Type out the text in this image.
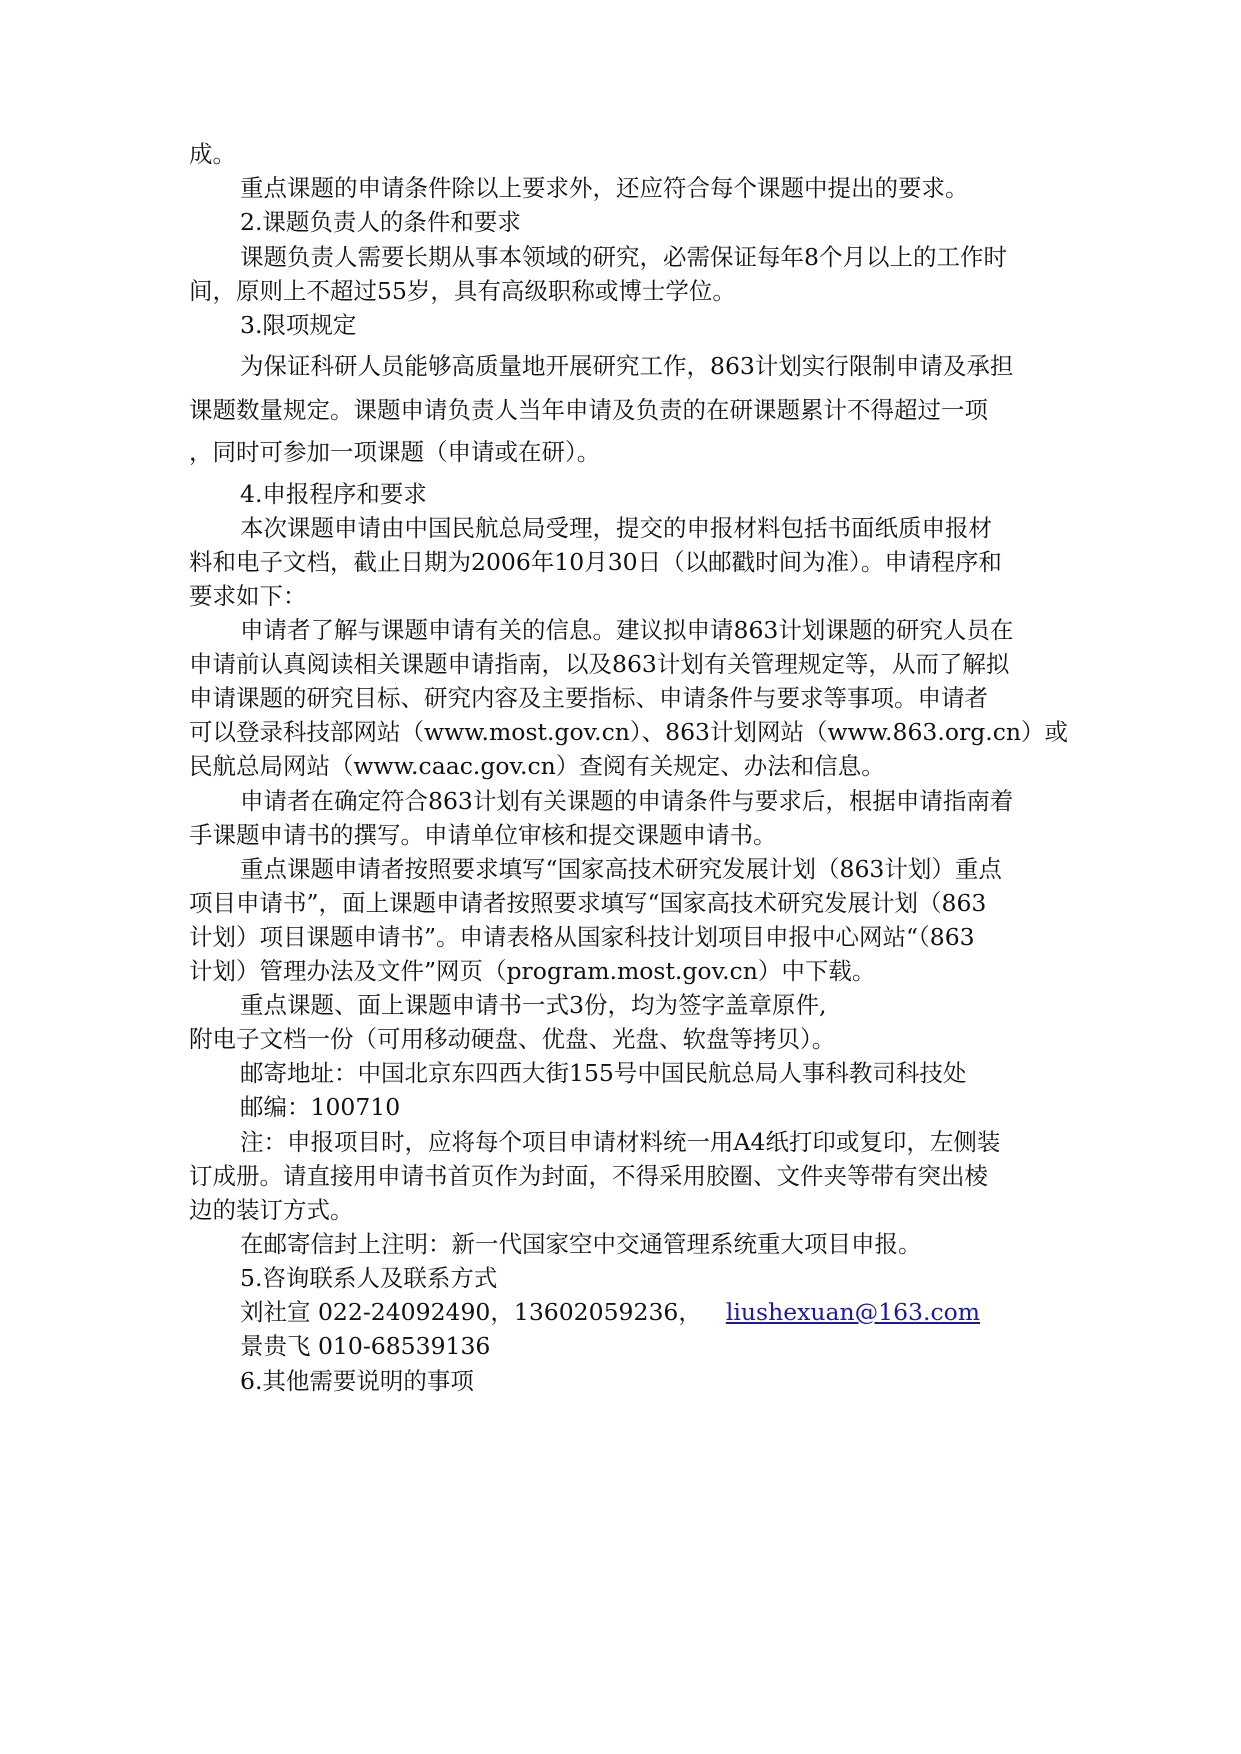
成。

重点课题的申请条件除以上要求外，还应符合每个课题中提出的要求。

2.课题负责人的条件和要求

课题负责人需要长期从事本领域的研究，必需保证每年8个月以上的工作时

间，原则上不超过55岁，具有高级职称或博士学位。

3.限项规定

为保证科研人员能够高质量地开展研究工作，863计划实行限制申请及承担

课题数量规定。课题申请负责人当年申请及负责的在研课题累计不得超过一项

，同时可参加一项课题（申请或在研）。

4.申报程序和要求

本次课题申请由中国民航总局受理，提交的申报材料包括书面纸质申报材

料和电子文档，截止日期为2006年10月30日（以邮戳时间为准）。申请程序和

要求如下：

申请者了解与课题申请有关的信息。建议拟申请863计划课题的研究人员在

申请前认真阅读相关课题申请指南，以及863计划有关管理规定等，从而了解拟

申请课题的研究目标、研究内容及主要指标、申请条件与要求等事项。申请者

可以登录科技部网站（www.most.gov.cn）、863计划网站（www.863.org.cn）或

民航总局网站（www.caac.gov.cn）查阅有关规定、办法和信息。

申请者在确定符合863计划有关课题的申请条件与要求后，根据申请指南着

手课题申请书的撰写。申请单位审核和提交课题申请书。

重点课题申请者按照要求填写“国家高技术研究发展计划（863计划）重点

项目申请书”，面上课题申请者按照要求填写“国家高技术研究发展计划（863

计划）项目课题申请书”。申请表格从国家科技计划项目申报中心网站“（863

计划）管理办法及文件”网页（program.most.gov.cn）中下载。

重点课题、面上课题申请书一式3份，均为签字盖章原件,

附电子文档一份（可用移动硬盘、优盘、光盘、软盘等拷贝）。

邮寄地址：中国北京东四西大街155号中国民航总局人事科教司科技处

邮编：100710

注：申报项目时，应将每个项目申请材料统一用A4纸打印或复印，左侧装

订成册。请直接用申请书首页作为封面，不得采用胶圈、文件夹等带有突出棱

边的装订方式。

在邮寄信封上注明：新一代国家空中交通管理系统重大项目申报。

5.咨询联系人及联系方式

刘社宣 022-24092490，13602059236， liushexuan@163.com

景贵飞 010-68539136

6.其他需要说明的事项
